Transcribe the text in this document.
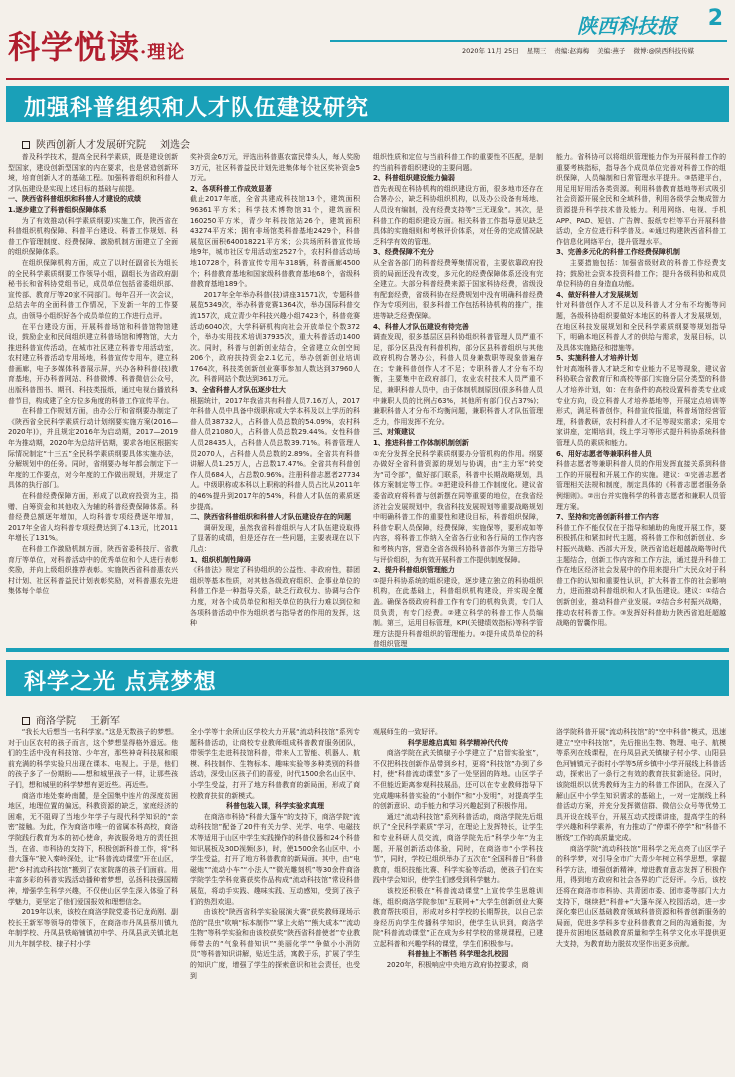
科学悦读·理论
陕西科技报 2
2020年 11月 25日 星期三 责编:赵海梅 美编:燕子 微博:@陕西科技传媒
加强科普组织和人才队伍建设研究
陕西创新人才发展研究院 刘选会

普及科学技术，提高全民科学素质，既是建设创新型国家，建设创新型国家的内在要求，也是营造创新环境，培育创新人才的基础工程。加强科普组织和科普人才队伍建设是实现上述目标的基础与前提。

一、陕西省科普组织和科普人才建设的成绩
1.逐步建立了科普组织保障体系

为了有效推动(科学素质纲要)实施工作，陕西省在科普组织机构保障、科普平台建设、科普工作规划、科普工作管理制度、经费保障、激励机制方面建立了全面的组织保障体系。

在组织保障机构方面，成立了以时任副省长为组长的全民科学素质纲要工作领导小组，副组长为省政府副秘书长和省科协党组书记，成员单位包括省委组织部、宣传部、教育厅等20家不同部门。每年召开一次会议，总结去年的全面科普工作情况，下发新一年的工作要点，由领导小组织好各个成员单位的工作进行点评。

在平台建设方面，开展科普场馆和科普馆物馆建设，鼓励企业和民间组织建立科普场馆和博物馆，大力推进科普宣传活动，在城市社区建立科普专用活动室，农村建立科普活动专用场地，科普宣传专用车，建立科普画廊，电子多媒体科普展示屏，兴办各种科普(技)教育基地，开办科普网站、科普微博、科普微信公众号，出版科普图书、期刊、科技类报纸，通过电视台播放科普节目，构成建了全方位多角度的科普工作宣传平台。

在科普工作规划方面，由办公厅和省纲要办制定了《陕西省全民科学素质行动计划纲要实施方案(2016—2020年)》，并且规定2016年为启动期，2017—2019年为推动期，2020年为总结评估期，要求各地区根据实际情况制定“十三五”全民科学素质纲要具体实施办法，分解规划中的任务。同时，省纲要办每年都会制定下一年度的工作要点，对今年度的工作做出规划，并规定了具体的执行部门。

在科普经费保障方面，形成了以政府投资为主，捐赠、自筹资金和其他收入为辅的科普经费保障体系。科普经费总额逐年增加，人均科普专项经费逐年增加，2017年全省人均科普专项经费达到了4.13元，比2011年增长了131%。

在科普工作激励机制方面，陕西省委科技厅、省教育厅等单位，对科普活动中的优秀单位和个人进行表彰奖励，并向上级组织推荐表彰。实施陕西省科普惠农兴村计划、社区科普益民计划表彰奖励，对科普惠农先进集体每个单位

奖补资金6万元，评选出科普惠农富民带头人，每人奖励3万元，社区科普益民计划先进集体每个社区奖补资金5万元。

2、各项科普工作成效显著

截止2017年底，全省共建成科技馆13个，建筑面积96361平方米；科学技术博物馆31个，建筑面积160250平方米，青少年科技馆站26个，建筑面积43274平方米；拥有非场馆类科普基地2429个，科普展览区面积640018221平方米；公共场所科普宣传场地9年，城市社区专用活动室2527个，农村科普活动场地10728个，科普宣传专用车318辆，科普画廊4500个；科普教育基地和国家级科普教育基地68个，省级科普教育基地189个。

2017年全年举办科普(技)讲座31571次，专题科普展览5349次，举办科普竞赛1364次，举办国际科普交流157次，成立青少年科技兴趣小组7423个，科普竞赛活动6040次，大学科研机构向社会开放单位个数372个，举办实用技术培训37935次，重大科普活动1400次。同时，科普与创新创业结合，全省建立众创空间206个，政府扶持资金2.1亿元，举办创新创业培训1764次，科技类创新创业赛事参加人数达到37960人次。科普网站个数达到361万元。

3、全省科普人才队伍逐步壮大

根据统计，2017年我省共有科普人员7.16万人，2017年科普人员中具备中级职称或大学本科及以上学历的科普人员38732人，占科普人员总数的54.09%，农村科普人员21080人，占科普人员总数29.44%。女性科普人员28435人，占科普人员总数39.71%。科普管理人员2070人，占科普人员总数的2.89%。全省共有科普讲解人员1.25万人，占总数17.47%。全省共有科普创作人员684人，占总数0.96%。注册科普志愿者27734人。中级职称或本科以上职称的科普人员占比从2011年的46%提升到2017年的54%，科普人才队伍的素质逐步提高。

二、陕西省科普组织和科普人才队伍建设存在的问题

调研发现，虽然我省科普组织与人才队伍建设取得了显著的成绩，但是还存在一些问题，主要表现在以下几点：

1、组织机制性障碍

《科普法》规定了科协组织的公益性、非政府性，群团组织等基本性质，对其他各级政府组织、企事业单位的科普工作是一种指导关系，缺乏行政权力、协调与合作力度，对各个成员单位和相关单位的执行力难以到位和各项科普活动中作为组织者与指导者的作用的发挥，这种

组织性质和定位与当前科普工作的重要性不匹配，是制约当前科普组织建设的主要问题。

2、科普组织建设能力偏弱

首先表现在科协机构的组织建设方面，很多地市还存在合署办公，缺乏科协组织机构，以及办公设备有场地、人员没有编制，没有经费支持等“三无现象”。其次，是科普工作的组织建设方面。相关科普工作指导意见缺乏具体的实施细则和考核评价体系，对任务的完成情况缺乏科学有效的管理。

3、经费保障不充分

从全省各部门的科普经费筹集情况看，主要依靠政府投资的局面还没有改变，多元化的经费保障体系还没有完全建立。大部分科普经费来源于国家科协经费，省级没有配套经费，省级科协在经费规划中没有明确科普经费作为专项列出，很多科普工作包括科协机构的推广，推进等缺乏经费保障。

4、科普人才队伍建设有待完善

调查发现，很多基层区县科协组织科普管理人员严重不足，部分区县没有科普机构，部分区县科普组织与其他政府机构合署办公，科普人员身兼数职等现象普遍存在；专兼科普创作人才不足；专职科普人才分布不均衡，主要集中在政府部门，农业农村技术人员严重不足，兼职科普人员中，由于体制机制原因(很多科普人员中兼职人员的比例占63%，其他所有部门仅占37%)；兼职科普人才分布不均衡问题，兼职科普人才队伍管理乏力，作用发挥不充分。

三、对策建议
1、推进科普工作体制机制创新

①充分发挥全民科学素质纲要办分管机构的作用。纲要办做好全省科普资源的规划与协调，由“主力军”转变为“司令部”，做好部门联系，科普中长期战略规划，具体方案制定等工作。②把建设科普工作制度化。建议省委省政府将科普与创新摆在同等重要的地位，在我省经济社会发展规划中，我省科技发展规划等重要战略规划中明确科普工作的重要性和建设目标，科普组织保障，科普专职人员保障，经费保障，实施保等，要形成如等内容，将科普工作纳入全省各行业和各行局的工作内容和考核内容，营造全省各级科协科普部作为第三方指导与评价组织，为有效开展科普工作提供制度保障。

2、提升科普组织管理能力

①提升科协系统的组织建设，逐步建立独立的科协组织机构，在此基础上，科普组织机构建设，并实现全覆盖。确保各级政府科普工作有专门的机构负责，专门人员负责，有专门经费。②建立科学的科普工作人员编制。第三，运用目标管理，KPI(关键绩效指标)等科学管理方法提升科普组织的管理能力。②提升成员单位的科普组织管理

能力。省科协可以将组织管理能力作为开展科普工作的重要考核指标，指导各个成员单位完善对科普工作的组织保障，人员编制和日常管理水平提升。③搭建平台，用足用好用活各类资源。利用科普教育基地等形式吸引社会资源开展全民和全域科普，利用各级学会集成智力资源提升科学技术普及能力。利用网络、电视、手机APP、PAD、短信、广告牌、报纸专栏等平台开展科普活动，全方位进行科学普及。④通过构建陕西省科普工作信息化网络平台，提升管理水平。

3、完善多元化的科普工作经费保障机制

主要措施包括：加强省级财政的科普工作经费支持；鼓励社会资本投资科普工作；提升各级科协和成员单位科协的自身造血功能。

4、做好科普人才发展规划

针对科普创作人才不足以及科普人才分布不均衡等问题，各级科协组织要做好本地区的科普人才发展规划，在地区科技发展规划和全民科学素质纲要等规划指导下，明确本地区科普人才的供给与需求，发展目标，以及具体实施路径和措施等。

5、实施科普人才培养计划

针对高端科普人才缺乏和专业能力不足等现象，建议省科协联合省教育厅和高校等部门实施分层分类型的科普人才培养计划，如：在有条件的高校设置科普类专业或专业方向，设立科普人才培养基地等，开展定点培训等形式，满足科普创作，科普宣传报道，科普场馆经营管理，科普教研，农村科普人才不足等现实需求；采用专家讲座，定期培训，线上学习等形式提升科协系统科普管理人员的素质和能力。

6、用好志愿者等兼职科普人员

科普志愿者等兼职科普人员的作用发挥直接关系到科普工作的开展程和开展工作的实施。建议：①完善志愿者管理相关法规和制度，制定具体的《科普志愿者服务条例细则》。②出台并实施科学的科普志愿者和兼职人员管理方案。

7、坚持和完善创新科普工作内容

科普工作不能仅仅在于指导和辅助的角度开展工作，要积极抓住和紧扣时代主题，将科普工作和创新创业、乡村振兴战略、西部大开发，陕西省追赶超越战略等时代主题结合，创新工作内容和工作方法，通过提升科普工作在地区经济社会发展中的作用来提升广大民众对于科普工作的认知和重要性认识，扩大科普工作的社会影响力，进而推动科普组织和人才队伍建设。建议：①结合创新创业，推动科普产业发展。②结合乡村振兴战略，推动农村科普工作。③发挥好科普助力陕西省追赶超越战略的智囊作用。

科学之光 点亮梦想
商洛学院 王新军

“我长大后想当一名科学家。”这是无数孩子的梦想。对于山区农村的孩子而言，这个梦想显得格外遥远。他们的生活中没有科技馆、少年宫，那些神奇科技展和眼前充满的科学实验只出现在课本、电视上。于是，他们的孩子多了一份期盼——想和城里孩子一样，让那些孩子们，想和城里的科学梦想有更近些。再近些。

商洛市地处秦岭南麓，是全国集中连片的深度贫困地区，地理位置的偏远，科教资源的缺乏，家庭经济的困难，无不阻碍了当地少年学子与现代科学知识的“亲密”接触。为此，作为商洛市唯一的省属本科高校，商洛学院践行教育为本的初心使命，奔波服务地方的责任担当，在省、市科协的支持下，积极创新科普工作，将“科普大篷车”驶入秦岭深处，让“科普流动课堂”开在山区，把“乡村流动科技馆”搬到了农家院落的孩子们面前。用丰富多彩的科普实践活动播种着梦想，弘扬科技强国精神，增强学生科学兴趣，不仅使山区学生深入体验了科学魅力，更坚定了他们爱国报效和理想信念。

2019年以来，该校在商洛学院党委书记龙尚刚、副校长王新军等领导的带领下，在商洛市丹凤县蔡川镇九年制学校、丹凤县铁峪铺镇初中学、丹凤县武关镇北赵川九年制学校、棣子村小学

全小学等十余所山区学校大力开展“流动科技馆”系列专题科普活动，让商校专业教师组成科普教育服务团队，带领学生走进科技馆科普，带来人工智能、机器人、航模、科技制作、生物标本、趣味实验等多种类别的科普活动，深受山区孩子们的喜爱，时代1500余名山区中、小学生受益，打开了地方科普教育的新局面，形成了商校教育扶贫的新模式。

科普包装入课，科学实验求真理

在商洛市科协“科普大篷车”的支持下，商洛学院“流动科技馆”配备了20件有关力学、光学、电学、电磁技术等适用于山区中学生实践操作的科普仪器和24个科普知识展板及30D视频(多)，时，使1500余名山区中、小学生受益，打开了地方科普教育的新局面。其中，由“电磁炮”“流动小车”“小法人”“微光雕刻机”等30余件商洛学院学生学科竞赛获奖作品构成“流动科技馆”常设科普展览，将动手实践、趣味实践、互动感知，受到了孩子们的热烈欢迎。

由该校“陕西省科学实验展演大赛”获奖教师现场示范的“昆虫”吹响“标本制作”“掌上火焰”“熊大成本”“流动生物”等科学实验和由该校获奖“陕西省科普使者”专业教师带去的“气象科普知识”“美丽化学”“争做小小消防员”等科普知识讲解，贴近生活，寓教于乐，扩展了学生的知识广度，增强了学生的探索意识和社会责任，也受到

观展师生的一致好评。

科学思维启真知 科学精神代代传

商洛学院在武关镇棣子小学建立了“启智实验室”，不仅把科技创新作品带到乡村，更将“科技馆”办到了乡村，使“科普流动课堂”多了一处坚固的阵地。山区学子不但能近距离参观科技展品，还可以在专业教师指导下完成趣味科普实验的“小制作”和“小发明”，对提高学生的创新意识、动手能力和学习兴趣起到了积极作用。

通过“流动科技馆”系列科普活动，商洛学院先后组织了“全民科学素质”学习，在理论上发挥特长，让学生和专业科研人员交流，商洛学院先后“科学少年”为主题，开展创新活动体验，同时，在商洛市“小学科技节”，同时，学校已组织举办了五次在“全国科普日”科普教育，组织技能比赛、科学实验等活动，使孩子们在实践中学会知识，使学生们感受到科学魅力。

该校还积极在“科普流动课堂”上宣传学生思维训练，组织商洛学院参加“互联网+”大学生创新创业大赛教育帮扶项目，形成对乡村学校的长期帮扶，以自己亲身经历向学生传播科学知识，使学生认识到，商洛学院“科普流动课堂”正在成为乡村学校的常规课程，已建立起科普和兴趣学科的课堂，学生们积极参与。

科普抽上不断档 科学理念扎校园

2020年，积极响应中央地方政府协控要求，商

洛学院科普开展“流动科技馆”的“空中科普”模式，迅速建立“空中科技馆”，先后推出生物、物理、电子、航模等系列在线课程，在丹凤县武关镇棣子村小学、山阳县色河铺镇元子街村小学等5所乡镇中小学开展线上科普活动，探索出了一条行之有效的教育扶贫新途径。同时，该院组织以优秀教师为主力的科普工作团队，在深入了解山区中小学生知识需求的基础上，一对一定制线上科普活动方案，并充分发挥微信群、微信公众号等优势工具开设在线平台，开展互动式授课讲座，提高学生的科学兴趣和科学素养，有力推动了“停课不停学”和“科普不断线”工作的高质量完成。

商洛学院“流动科技馆”用科学之光点亮了山区学子的科学梦，对引导全市广大青少年树立科学思想，掌握科学方法，增强创新精神，增进教育意志发挥了积极作用，得到地方政府和社会各界的广泛好评。今后，该校还将在商洛市市科协、共青团市委、团市委等部门大力支持下，继续把“科普+”大篷车深入校园活动，进一步深化秦巴山区基础教育领域科普资源和科普创新服务的局面，促进多学科多专业科普教育之间的沟通衔接，为提升贫困地区基础教育质量和学生科学文化水平提供更大支持，为教育助力脱贫攻坚作出更多贡献。
